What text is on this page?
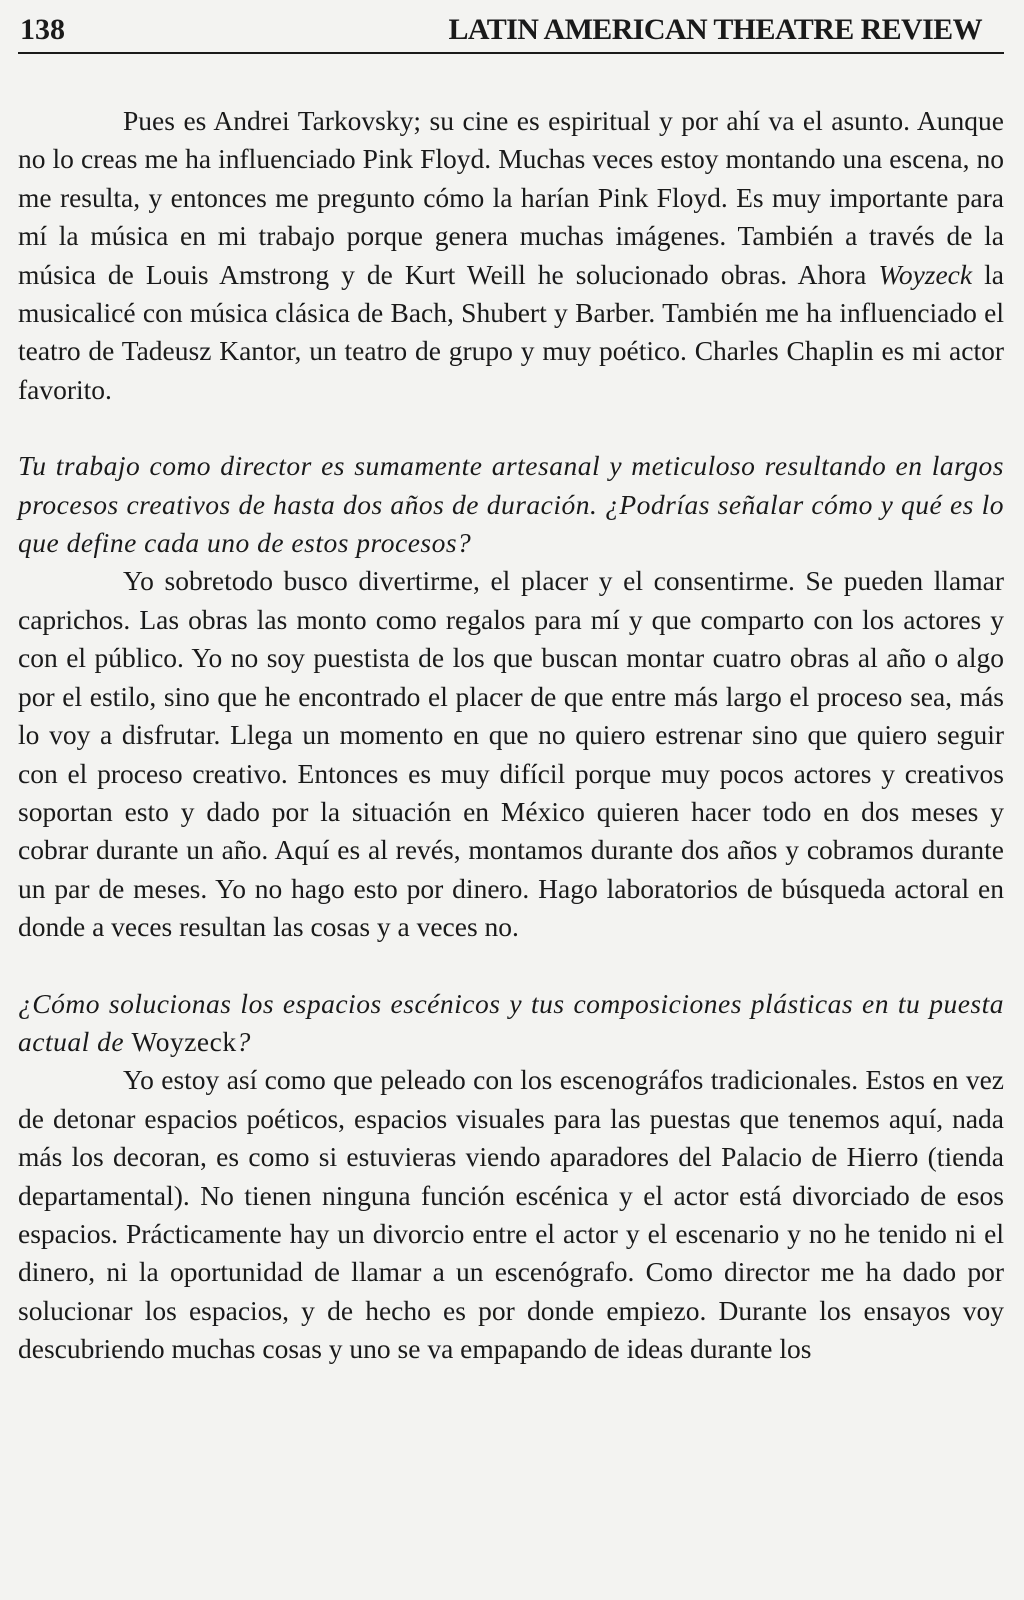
138	LATIN AMERICAN THEATRE REVIEW

Pues es Andrei Tarkovsky; su cine es espiritual y por ahí va el asunto. Aunque no lo creas me ha influenciado Pink Floyd. Muchas veces estoy montando una escena, no me resulta, y entonces me pregunto cómo la harían Pink Floyd. Es muy importante para mí la música en mi trabajo porque genera muchas imágenes. También a través de la música de Louis Amstrong y de Kurt Weill he solucionado obras. Ahora Woyzeck la musicalicé con música clásica de Bach, Shubert y Barber. También me ha influenciado el teatro de Tadeusz Kantor, un teatro de grupo y muy poético. Charles Chaplin es mi actor favorito.

Tu trabajo como director es sumamente artesanal y meticuloso resultando en largos procesos creativos de hasta dos años de duración. ¿Podrías señalar cómo y qué es lo que define cada uno de estos procesos?

Yo sobretodo busco divertirme, el placer y el consentirme. Se pueden llamar caprichos. Las obras las monto como regalos para mí y que comparto con los actores y con el público. Yo no soy puestista de los que buscan montar cuatro obras al año o algo por el estilo, sino que he encontrado el placer de que entre más largo el proceso sea, más lo voy a disfrutar. Llega un momento en que no quiero estrenar sino que quiero seguir con el proceso creativo. Entonces es muy difícil porque muy pocos actores y creativos soportan esto y dado por la situación en México quieren hacer todo en dos meses y cobrar durante un año. Aquí es al revés, montamos durante dos años y cobramos durante un par de meses. Yo no hago esto por dinero. Hago laboratorios de búsqueda actoral en donde a veces resultan las cosas y a veces no.

¿Cómo solucionas los espacios escénicos y tus composiciones plásticas en tu puesta actual de Woyzeck?

Yo estoy así como que peleado con los escenográfos tradicionales. Estos en vez de detonar espacios poéticos, espacios visuales para las puestas que tenemos aquí, nada más los decoran, es como si estuvieras viendo aparadores del Palacio de Hierro (tienda departamental). No tienen ninguna función escénica y el actor está divorciado de esos espacios. Prácticamente hay un divorcio entre el actor y el escenario y no he tenido ni el dinero, ni la oportunidad de llamar a un escenógrafo. Como director me ha dado por solucionar los espacios, y de hecho es por donde empiezo. Durante los ensayos voy descubriendo muchas cosas y uno se va empapando de ideas durante los
